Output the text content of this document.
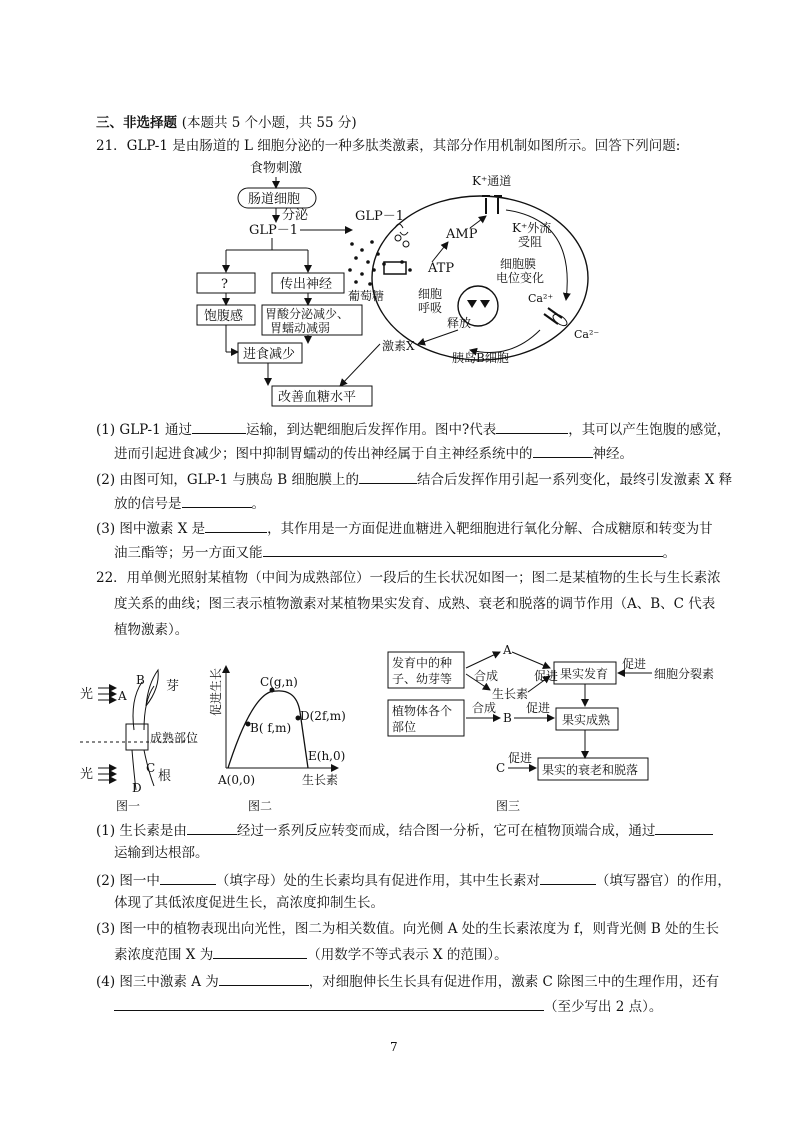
三、非选择题 (本题共 5 个小题，共 55 分)
21．GLP-1 是由肠道的 L 细胞分泌的一种多肽类激素，其部分作用机制如图所示。回答下列问题:
食物刺激
肠道细胞
分泌
GLP－1
?	传出神经
饱腹感 胃酸分泌减少、
胃蠕动减弱
进食减少
改善血糖水平
GLP－1
AMP
ATP
K⁺通道
K⁺外流
受阻
细胞膜
电位变化
Ca²⁺
Ca²⁻
葡萄糖	细胞
呼吸
释放
激素X
胰岛B细胞
(1) GLP-1 通过	运输，到达靶细胞后发挥作用。图中?代表	，其可以产生饱腹的感觉，
进而引起进食减少；图中抑制胃蠕动的传出神经属于自主神经系统中的	神经。
(2) 由图可知，GLP-1 与胰岛 B 细胞膜上的	结合后发挥作用引起一系列变化，最终引发激素 X 释
放的信号是	。
(3) 图中激素 X 是	，其作用是一方面促进血糖进入靶细胞进行氧化分解、合成糖原和转变为甘
油三酯等；另一方面又能	。
22．用单侧光照射某植物（中间为成熟部位）一段后的生长状况如图一；图二是某植物的生长与生长素浓
度关系的曲线；图三表示植物激素对某植物果实发育、成熟、衰老和脱落的调节作用（A、B、C 代表
植物激素）。
光 A
B 芽
成熟部位
光	C
根
D
图一
促进生长	C(g,n)
B( f,m)
D(2f,m)
E(h,0)
A(0,0)	生长素
图二
发育中的种
子、幼芽等
A
合成
生长素
促进 果实发育
促进
细胞分裂素
植物体各个
部位
合成
B
促进
果实成熟
C
促进
果实的衰老和脱落
图三
(1) 生长素是由	经过一系列反应转变而成，结合图一分析，它可在植物顶端合成，通过
运输到达根部。
(2) 图一中	（填字母）处的生长素均具有促进作用，其中生长素对	（填写器官）的作用，
体现了其低浓度促进生长，高浓度抑制生长。
(3) 图一中的植物表现出向光性，图二为相关数值。向光侧 A 处的生长素浓度为 f，则背光侧 B 处的生长
素浓度范围 X 为	（用数学不等式表示 X 的范围）。
(4) 图三中激素 A 为	，对细胞伸长生长具有促进作用，激素 C 除图三中的生理作用，还有
（至少写出 2 点）。
7
